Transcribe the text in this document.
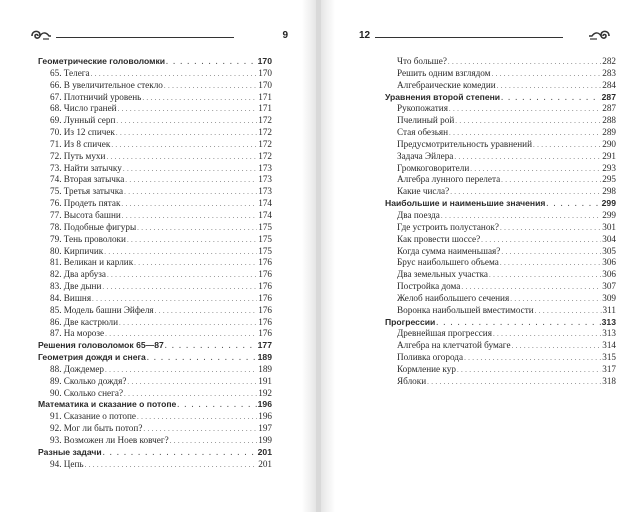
9
Геометрические головоломки . . .	170
65. Телега . . .	170
66. В увеличительное стекло . . .	170
67. Плотничий уровень . . .	171
68. Число граней . . .	171
69. Лунный серп . . .	172
70. Из 12 спичек . . .	172
71. Из 8 спичек . . .	172
72. Путь мухи . . .	172
73. Найти затычку . . .	173
74. Вторая затычка . . .	173
75. Третья затычка . . .	173
76. Продеть пятак . . .	174
77. Высота башни . . .	174
78. Подобные фигуры . . .	175
79. Тень проволоки . . .	175
80. Кирпичик . . .	175
81. Великан и карлик . . .	176
82. Два арбуза . . .	176
83. Две дыни . . .	176
84. Вишня . . .	176
85. Модель башни Эйфеля . . .	176
86. Две кастрюли . . .	176
87. На морозе . . .	176
Решения головоломок 65—87 . . .	177
Геометрия дождя и снега . . .	189
88. Дождемер . . .	189
89. Сколько дождя? . . .	191
90. Сколько снега? . . .	192
Математика и сказание о потопе . . .	196
91. Сказание о потопе . . .	196
92. Мог ли быть потоп? . . .	197
93. Возможен ли Ноев ковчег? . . .	199
Разные задачи . . .	201
94. Цепь . . .	201
12
Что больше? . . .	282
Решить одним взглядом . . .	283
Алгебраические комедии . . .	284
Уравнения второй степени . . .	287
Рукопожатия . . .	287
Пчелиный рой . . .	288
Стая обезьян . . .	289
Предусмотрительность уравнений . . .	290
Задача Эйлера . . .	291
Громкоговорители . . .	293
Алгебра лунного перелета . . .	295
Какие числа? . . .	298
Наибольшие и наименьшие значения . . .	299
Два поезда . . .	299
Где устроить полустанок? . . .	301
Как провести шоссе? . . .	304
Когда сумма наименьшая? . . .	305
Брус наибольшего объема . . .	306
Два земельных участка . . .	306
Постройка дома . . .	307
Желоб наибольшего сечения . . .	309
Воронка наибольшей вместимости . . .	311
Прогрессии . . .	313
Древнейшая прогрессия . . .	313
Алгебра на клетчатой бумаге . . .	314
Поливка огорода . . .	315
Кормление кур . . .	317
Яблоки . . .	318
